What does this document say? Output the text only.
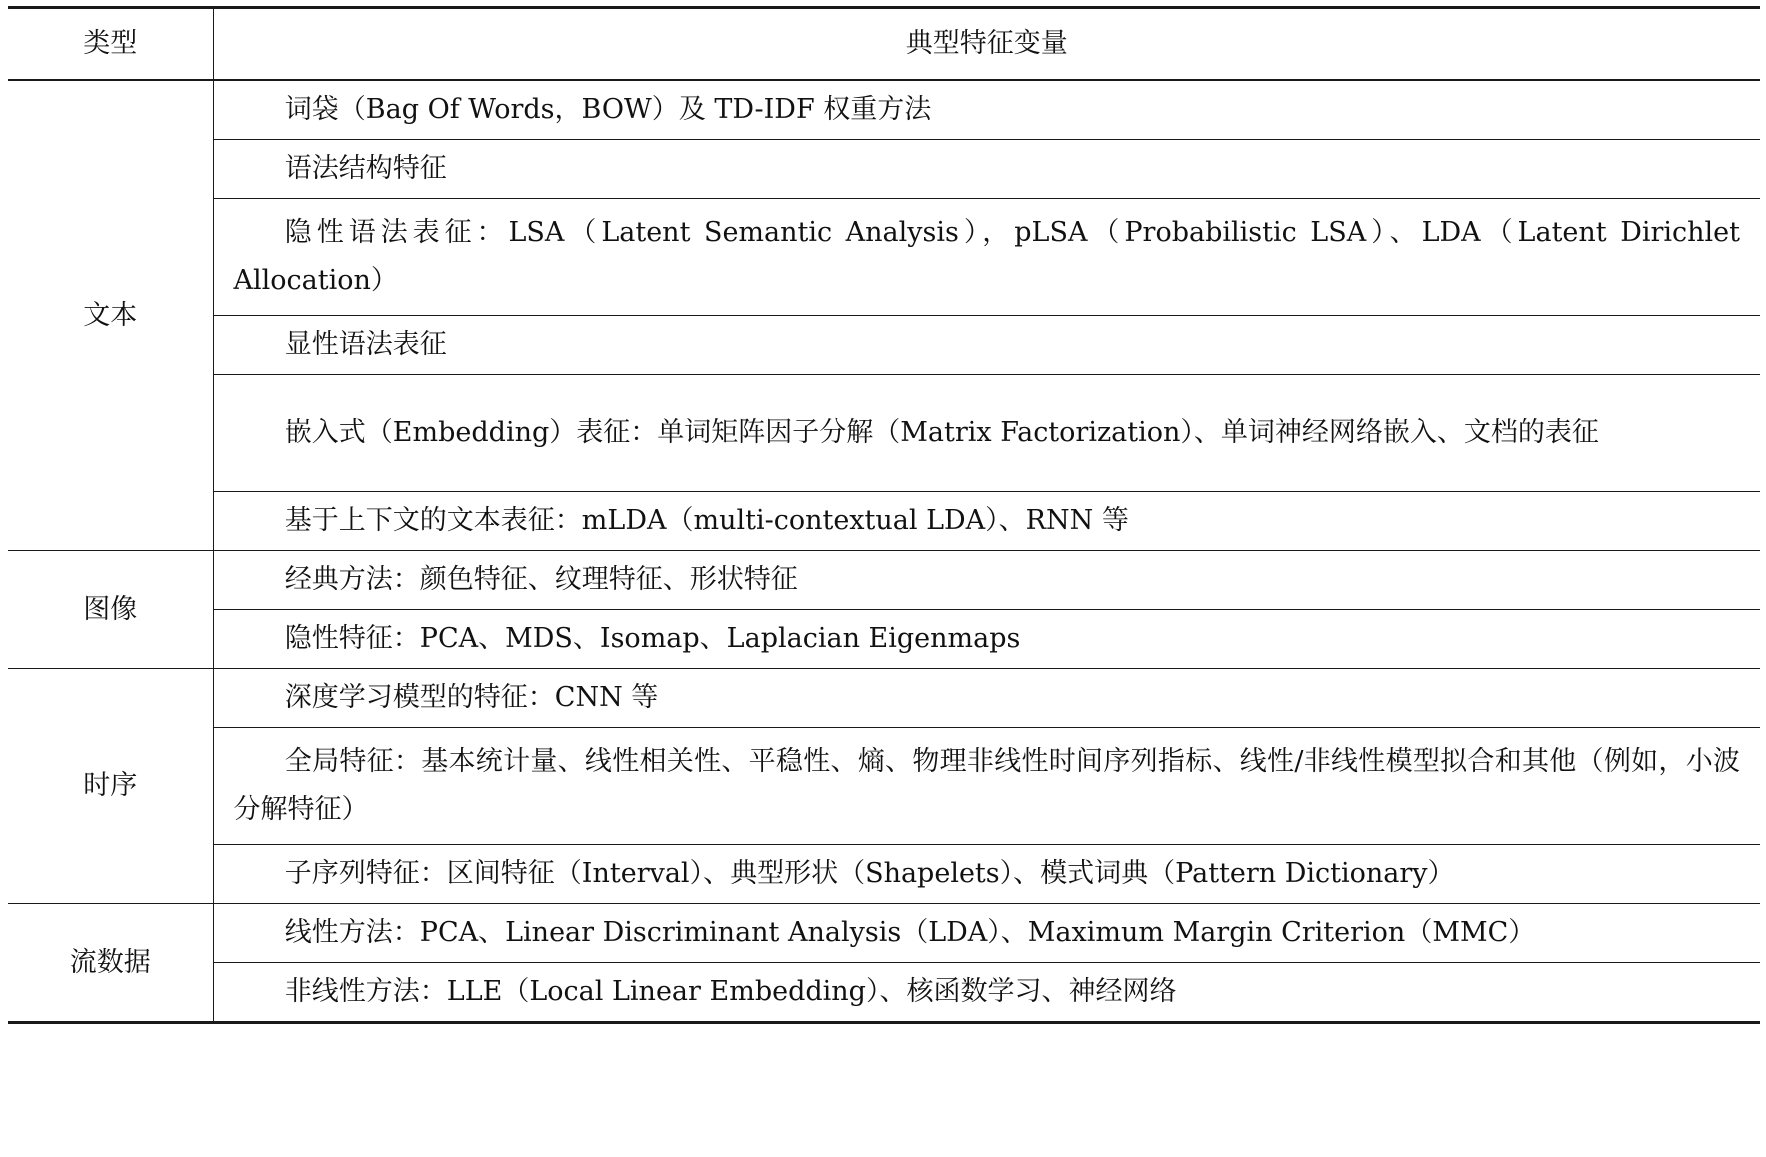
类型	典型特征变量
文本	词袋（Bag Of Words，BOW）及 TD-IDF 权重方法
	语法结构特征
	隐性语法表征：LSA（Latent Semantic Analysis），pLSA（Probabilistic LSA）、LDA（Latent Dirichlet Allocation）
	显性语法表征
	嵌入式（Embedding）表征：单词矩阵因子分解（Matrix Factorization）、单词神经网络嵌入、文档的表征
	基于上下文的文本表征：mLDA（multi-contextual LDA）、RNN 等
图像	经典方法：颜色特征、纹理特征、形状特征
	隐性特征：PCA、MDS、Isomap、Laplacian Eigenmaps
时序	深度学习模型的特征：CNN 等
	全局特征：基本统计量、线性相关性、平稳性、熵、物理非线性时间序列指标、线性/非线性模型拟合和其他（例如，小波分解特征）
	子序列特征：区间特征（Interval）、典型形状（Shapelets）、模式词典（Pattern Dictionary）
流数据	线性方法：PCA、Linear Discriminant Analysis（LDA）、Maximum Margin Criterion（MMC）
	非线性方法：LLE（Local Linear Embedding）、核函数学习、神经网络
